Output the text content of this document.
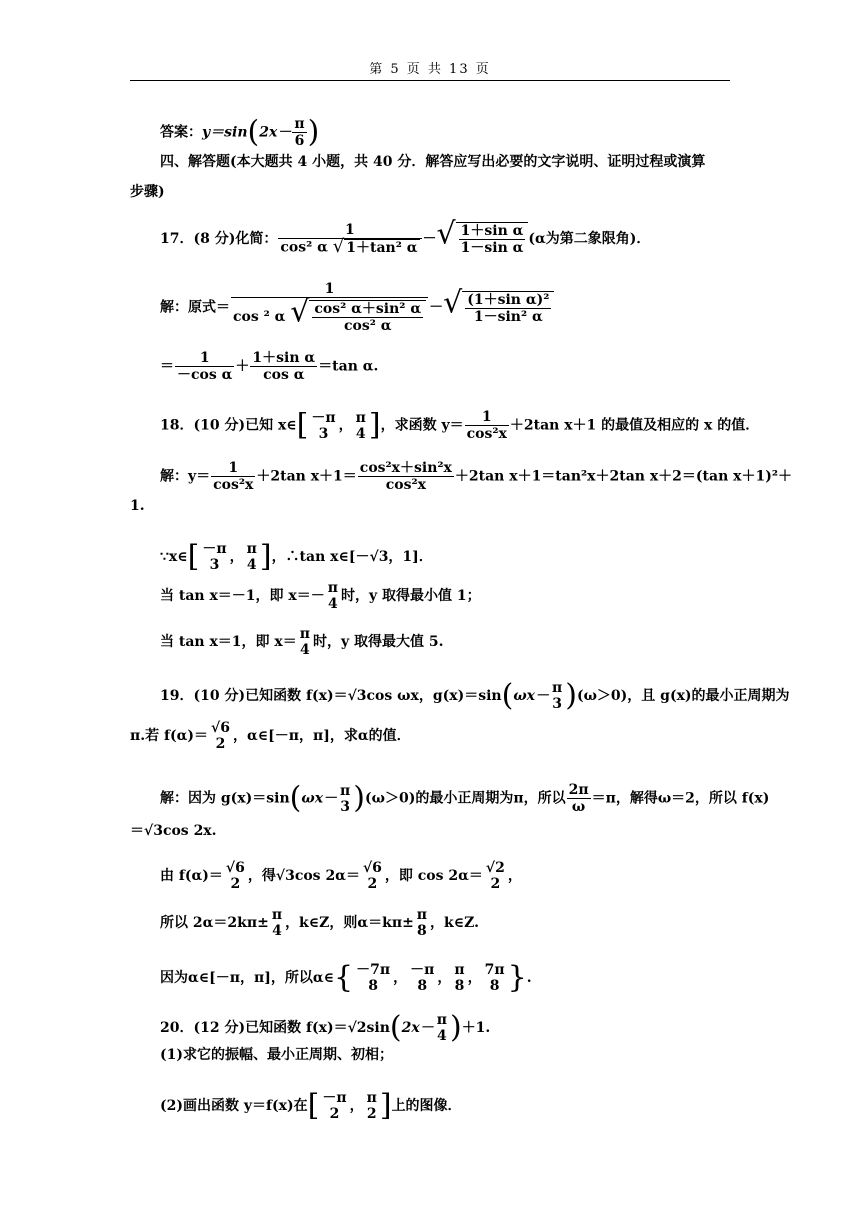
第 5 页 共 13 页
答案：$y=\sin(2x- \frac{\pi}{6}$ )
四、解答题(本大题共 4 小题，共 40 分．解答应写出必要的文字说明、证明过程或演算
步骤)
17．(8 分)化简： $\frac{1}{\text{cos² α √ 1＋tan² α}}$ －√ $\frac{\text{1＋sin α}}{\text{1－sin α}} (\alpha$为第二象限角)．
解：原式＝ $\frac{1}{\cos ^2 \alpha √ \frac{\text{cos² α＋sin² α}}{\text{cos² α}}}$ －√ $\frac{\text{(1＋sin α)²}}{\text{1－sin² α}}$
＝ $\frac{1}{\text{－cos α}} + \frac{\text{1＋sin α}}{\text{cos α}} =\tan$ α.
18．(10 分)已知 x∈[ －π
3 ， π
4 ]，求函数 $y= \frac{1}{\text{cos²x}} +2\tan$ x＋1 的最值及相应的 x 的值．
解：$y= \frac{1}{\text{cos²x}} +2\tan$ $x+1= \frac{\text{cos²x＋sin²x}}{\text{cos²x}} +2\tan$ x＋1＝tan²x＋2tan x＋2＝(tan x＋1)²＋
1.
∵x∈[ －π
3 ， π
4 ]，∴tan x∈[－√3，1]．
当 tan x＝－1，即 x＝－ π
4 时，y 取得最小值 1；
当 tan x＝1，即 x＝ π
4 时，y 取得最大值 5.
19．(10 分)已知函数 f(x)＝√3cos ωx，g(x)＝sin(ωx－ π
3 )(ω＞0)，且 g(x)的最小正周期为
π.若 f(α)＝ √6
2 ，α∈[－π，π]，求α的值．
解：因为 g(x)＝sin(ωx－ π
3 )(ω＞0)的最小正周期为π，所以 $\frac{2\pi}{\omega} =\pi$，解得ω＝2，所以 f(x)
＝√3cos 2x.
由 f(α)＝ √6
2 ，得√3cos 2α＝ √6
2 ，即 cos 2α＝ √2
2 ，
所以 2α＝2kπ± π
4 ，k∈Z，则α＝kπ± π
8 ，k∈Z.
因为α∈[－π，π]，所以α∈{ －7π
8	， －π
8 ， π
8 ， 7π
8 }.
20．(12 分)已知函数 f(x)＝√2sin(2x－ π
4 )＋1.
(1)求它的振幅、最小正周期、初相；
(2)画出函数 y＝f(x)在[ －π
2 ， π
2 ]上的图像．
